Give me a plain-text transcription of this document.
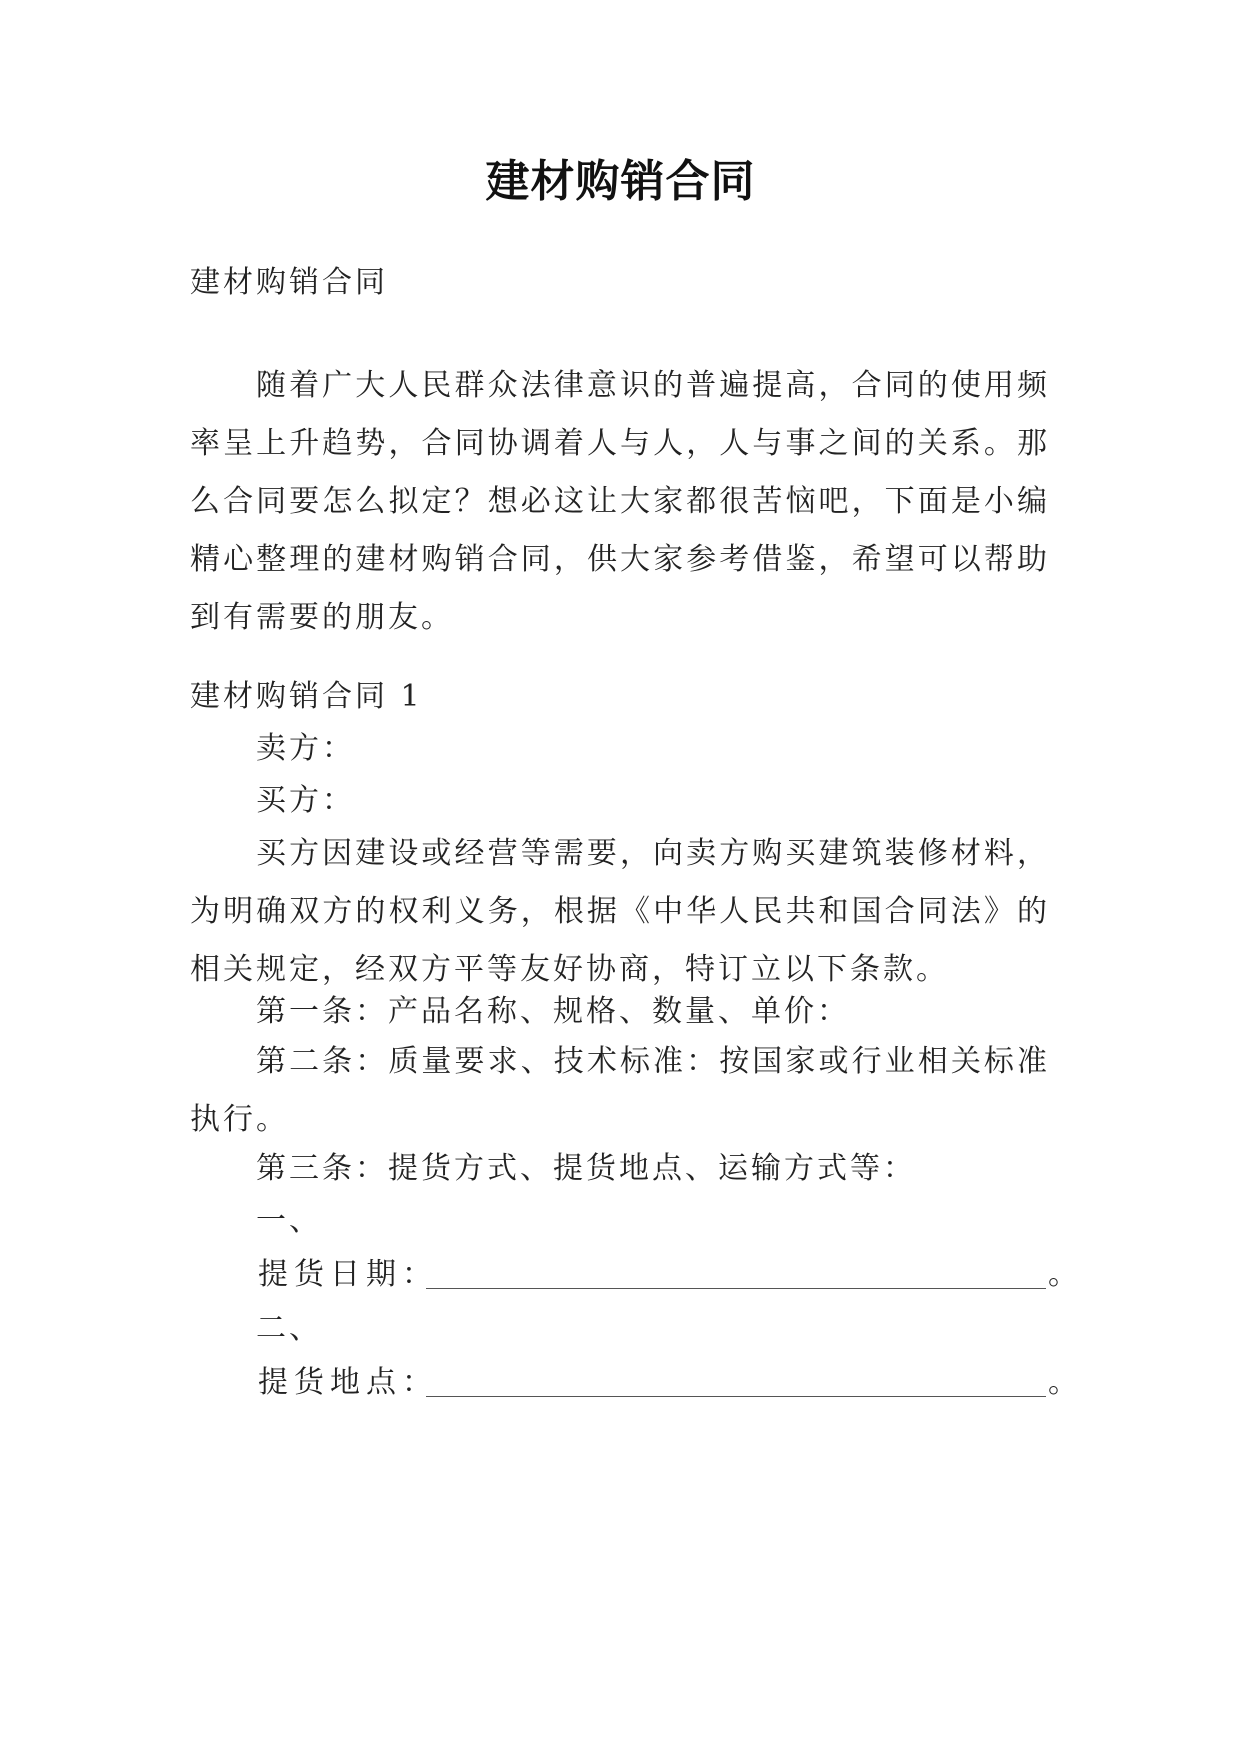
建材购销合同
建材购销合同
随着广大人民群众法律意识的普遍提高，合同的使用频率呈上升趋势，合同协调着人与人，人与事之间的关系。那么合同要怎么拟定？想必这让大家都很苦恼吧，下面是小编精心整理的建材购销合同，供大家参考借鉴，希望可以帮助到有需要的朋友。
建材购销合同 1
卖方：
买方：
买方因建设或经营等需要，向卖方购买建筑装修材料，为明确双方的权利义务，根据《中华人民共和国合同法》的相关规定，经双方平等友好协商，特订立以下条款。
第一条：产品名称、规格、数量、单价：
第二条：质量要求、技术标准：按国家或行业相关标准执行。
第三条：提货方式、提货地点、运输方式等：
一、
提货日期：	。
二、
提货地点：	。
